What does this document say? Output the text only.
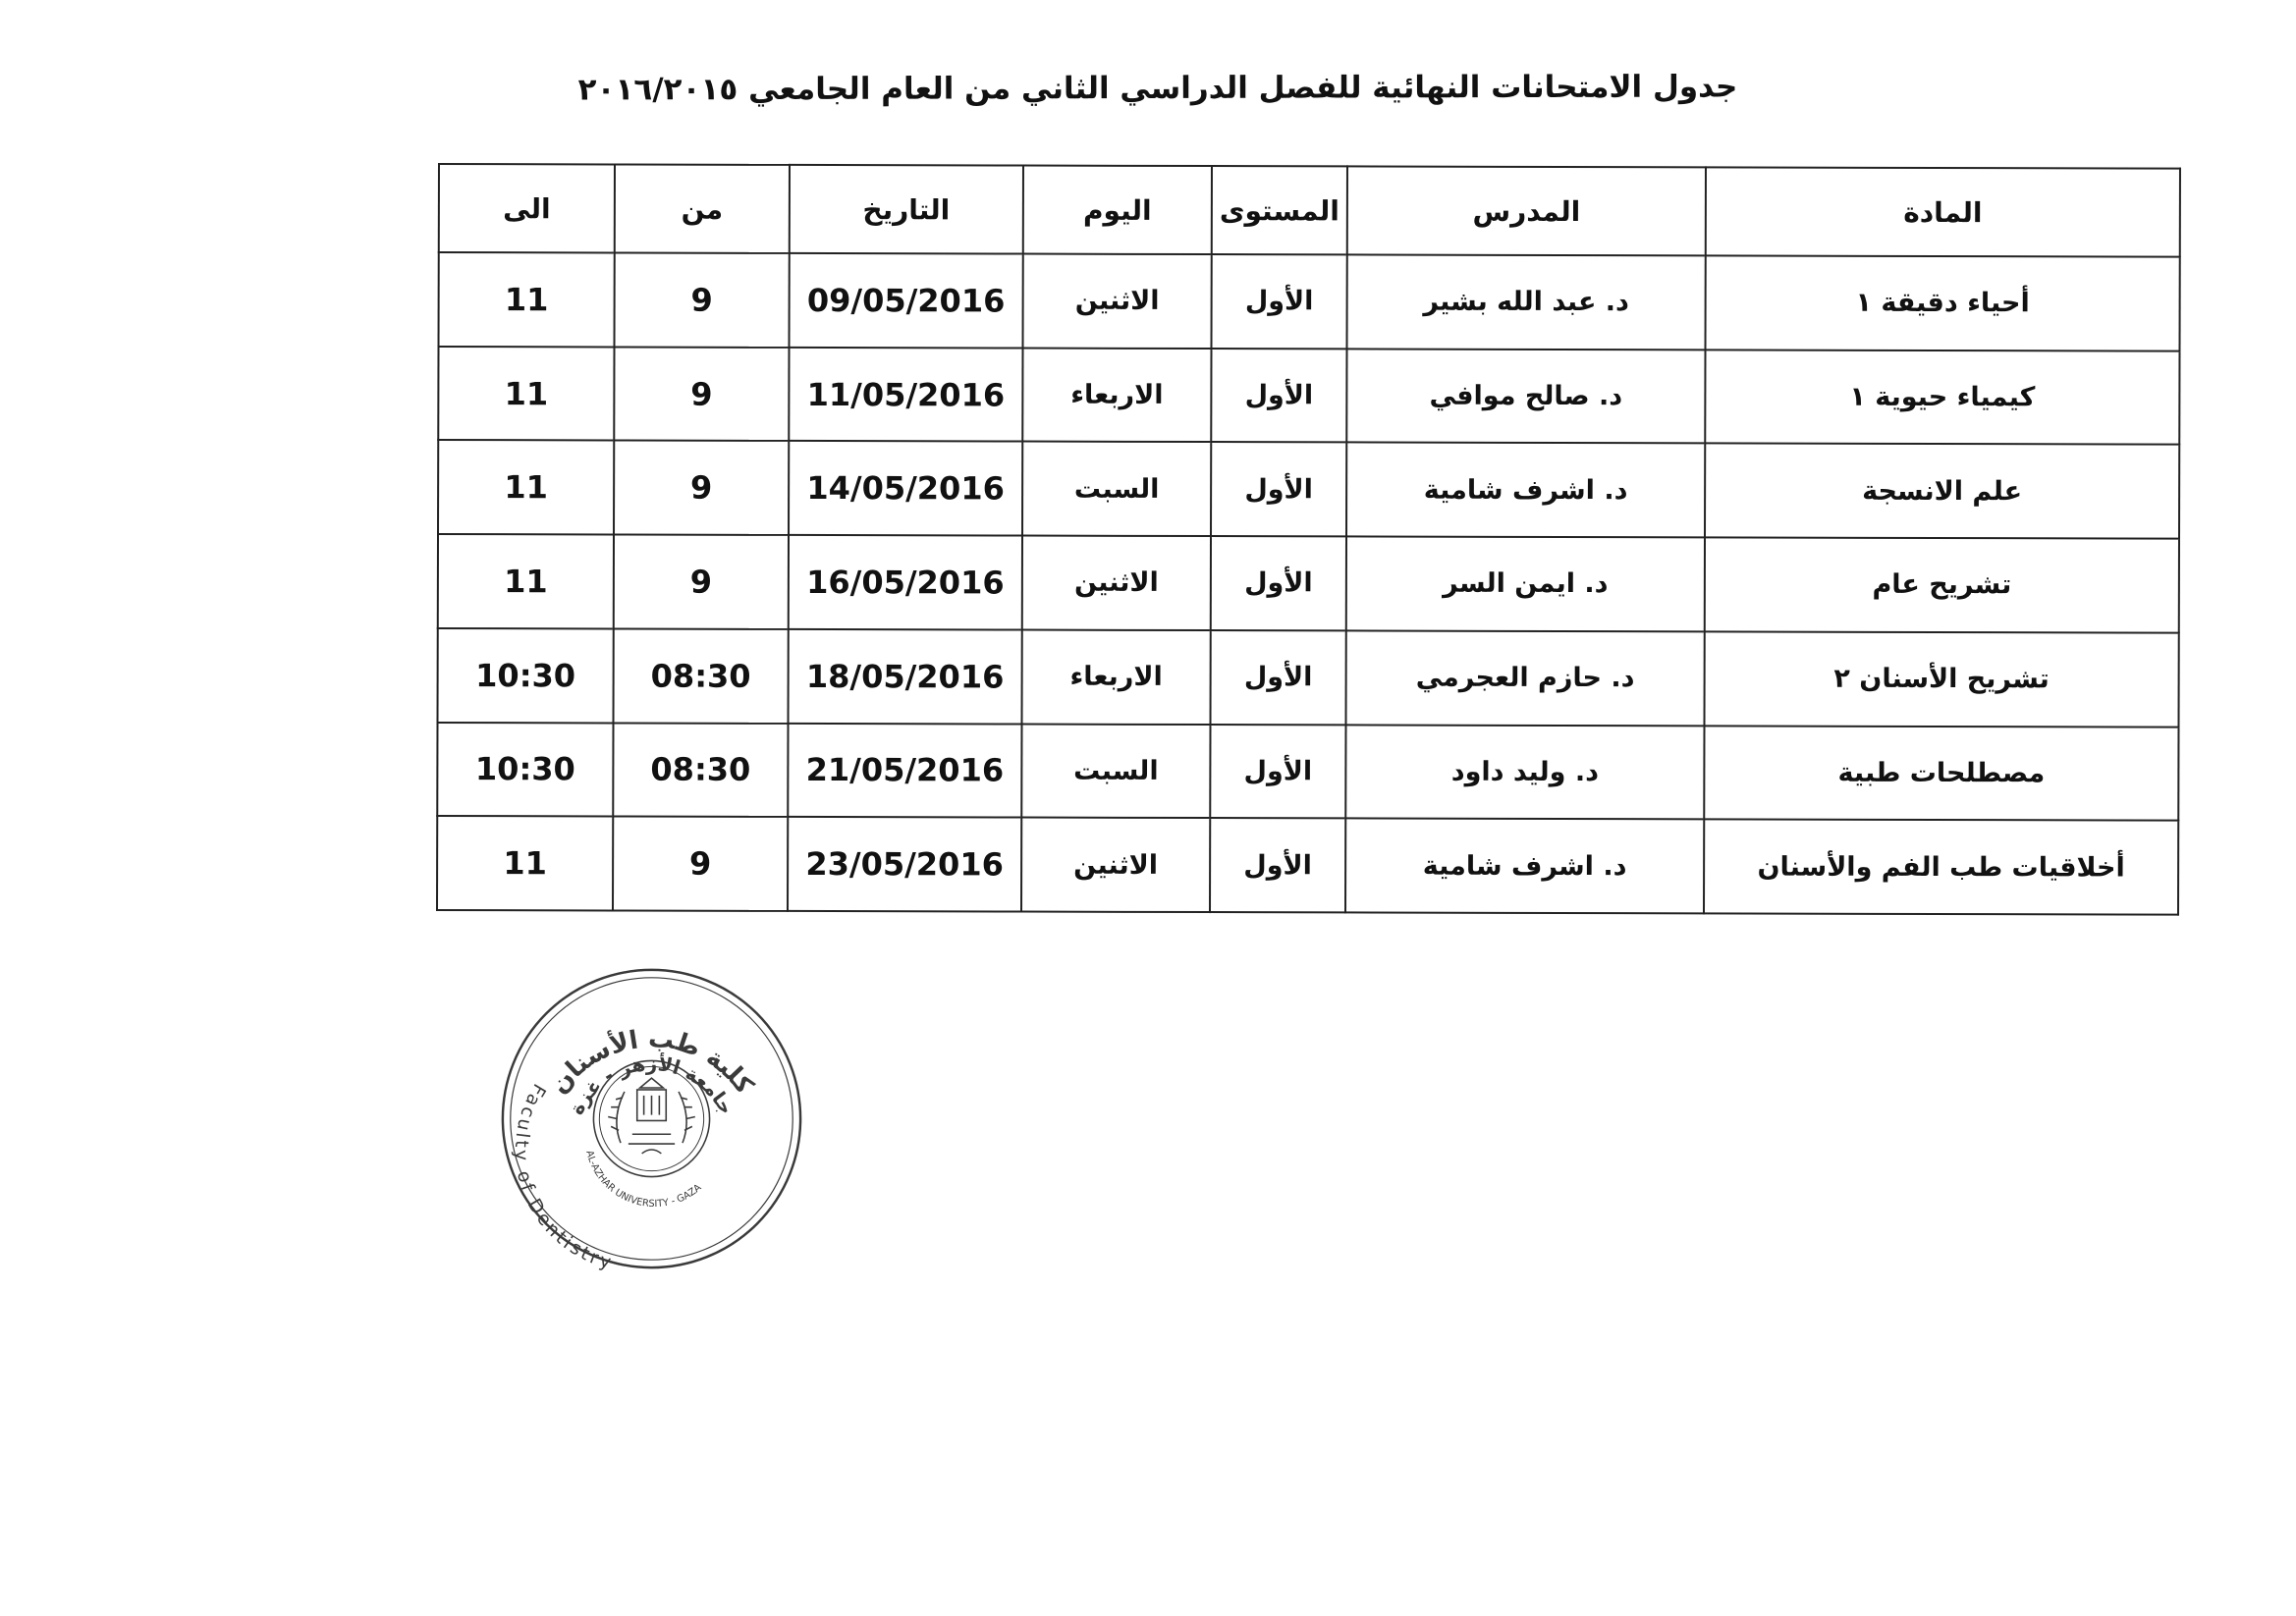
جدول الامتحانات النهائية للفصل الدراسي الثاني من العام الجامعي ٢٠١٦/٢٠١٥
المادة	المدرس	المستوى	اليوم	التاريخ	من	الى
أحياء دقيقة ١	د. عبد الله بشير	الأول	الاثنين	09/05/2016	9	11
كيمياء حيوية ١	د. صالح موافي	الأول	الاربعاء	11/05/2016	9	11
علم الانسجة	د. اشرف شامية	الأول	السبت	14/05/2016	9	11
تشريح عام	د. ايمن السر	الأول	الاثنين	16/05/2016	9	11
تشريح الأسنان ٢	د. حازم العجرمي	الأول	الاربعاء	18/05/2016	08:30	10:30
مصطلحات طبية	د. وليد داود	الأول	السبت	21/05/2016	08:30	10:30
أخلاقيات طب الفم والأسنان	د. اشرف شامية	الأول	الاثنين	23/05/2016	9	11
كلية طب الأسنان
جامعة الأزهر - غزة
Faculty of Dentistry
AL-AZHAR UNIVERSITY - GAZA
